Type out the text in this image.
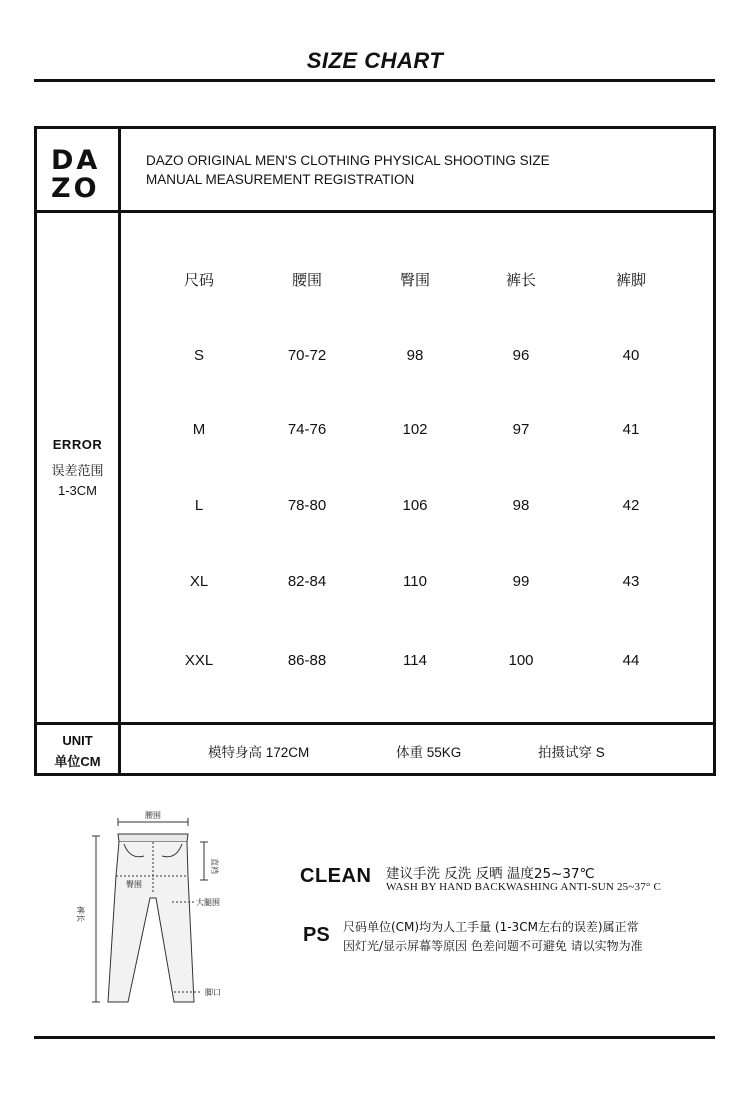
SIZE CHART
DA
ZO
DAZO ORIGINAL MEN'S CLOTHING PHYSICAL SHOOTING SIZE
MANUAL MEASUREMENT REGISTRATION
ERROR
误差范围
1-3CM
尺码	腰围	臀围	裤长	裤脚
S	70-72	98	96	40
M	74-76	102	97	41
L	78-80	106	98	42
XL	82-84	110	99	43
XXL	86-88	114	100	44
UNIT
单位CM
模特身高 172CM	体重 55KG	拍摄试穿 S
腰围
臀围
直裆
大腿围
裤长
脚口
CLEAN 建议手洗 反洗 反晒 温度25~37℃
WASH BY HAND BACKWASHING ANTI-SUN 25~37° C
PS 尺码单位(CM)均为人工手量 (1-3CM左右的误差)属正常
因灯光/显示屏幕等原因 色差问题不可避免 请以实物为准
